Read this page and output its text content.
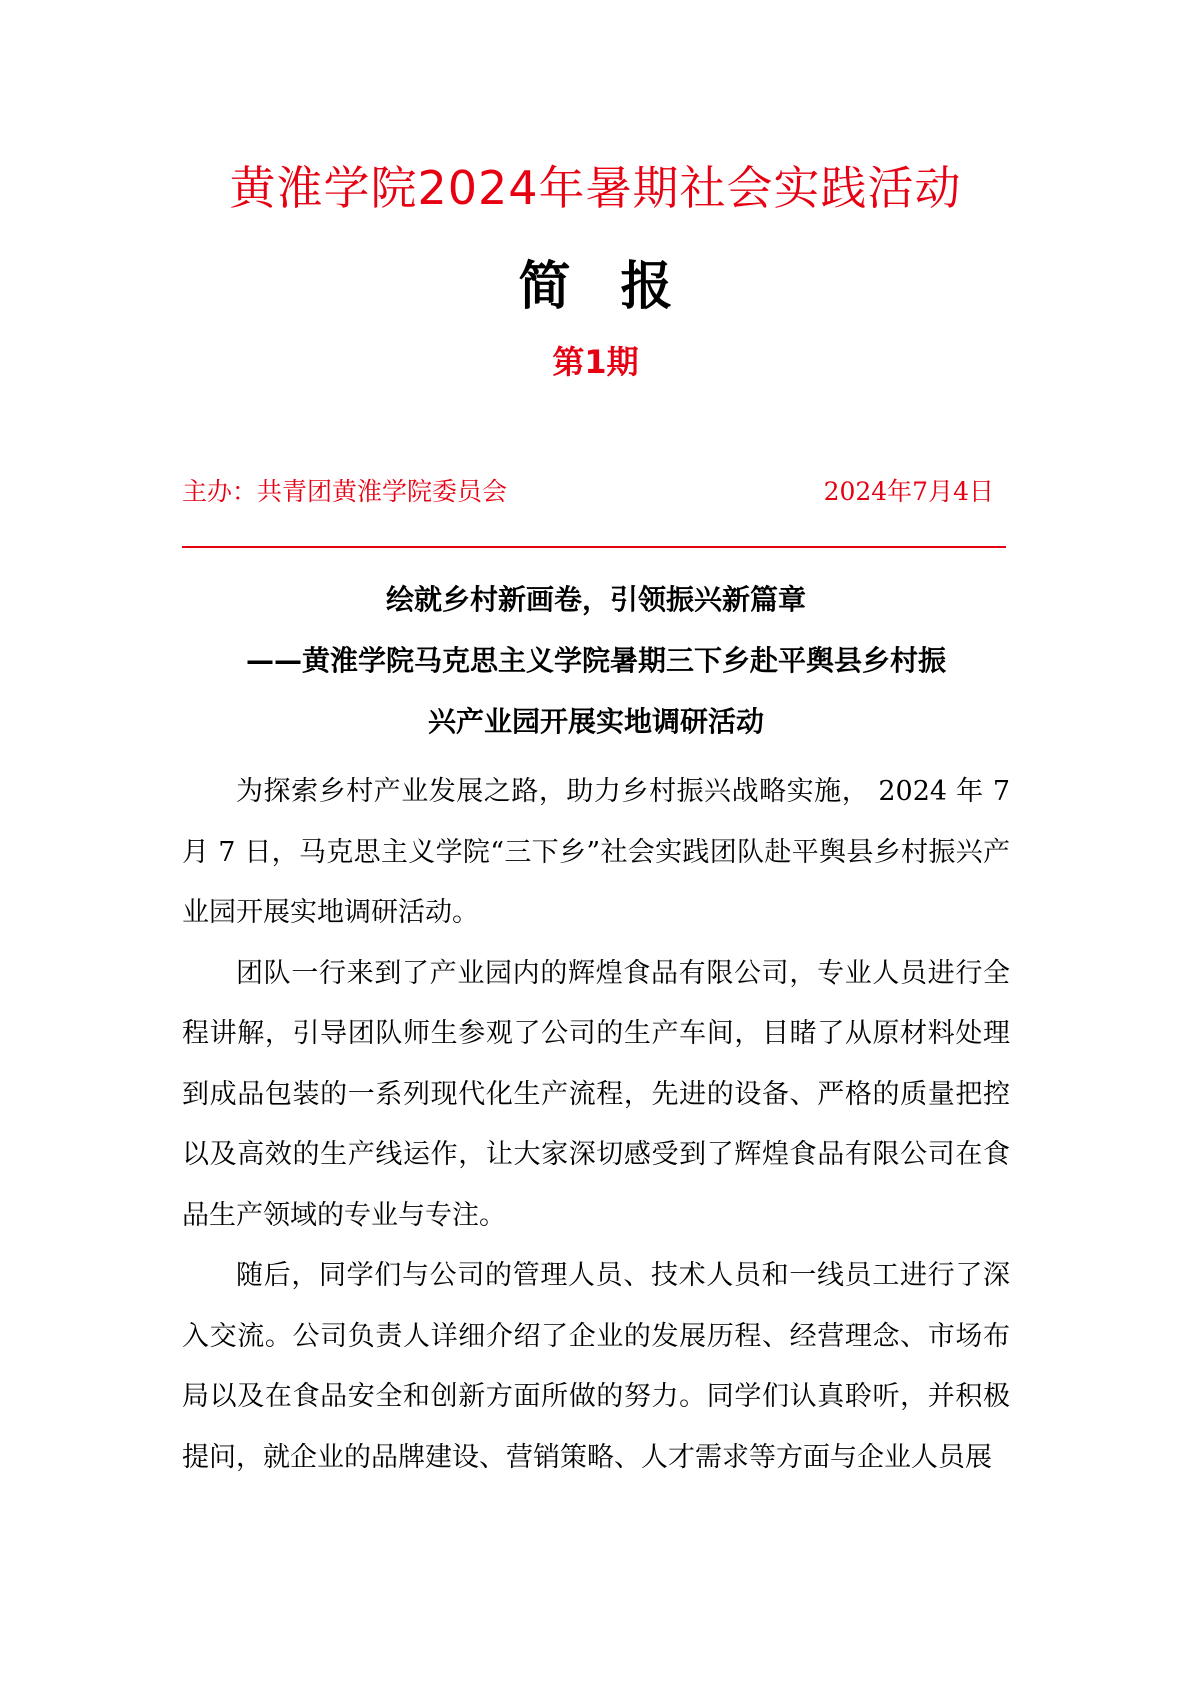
黄淮学院2024年暑期社会实践活动
简报
第1期
主办：共青团黄淮学院委员会	2024年7月4日
绘就乡村新画卷，引领振兴新篇章
——黄淮学院马克思主义学院暑期三下乡赴平舆县乡村振
兴产业园开展实地调研活动

为探索乡村产业发展之路，助力乡村振兴战略实施， 2024 年 7 月 7 日，马克思主义学院“三下乡”社会实践团队赴平舆县乡村振兴产业园开展实地调研活动。

团队一行来到了产业园内的辉煌食品有限公司，专业人员进行全程讲解，引导团队师生参观了公司的生产车间，目睹了从原材料处理到成品包装的一系列现代化生产流程，先进的设备、严格的质量把控以及高效的生产线运作，让大家深切感受到了辉煌食品有限公司在食品生产领域的专业与专注。

随后，同学们与公司的管理人员、技术人员和一线员工进行了深入交流。公司负责人详细介绍了企业的发展历程、经营理念、市场布局以及在食品安全和创新方面所做的努力。同学们认真聆听，并积极提问，就企业的品牌建设、营销策略、人才需求等方面与企业人员展
